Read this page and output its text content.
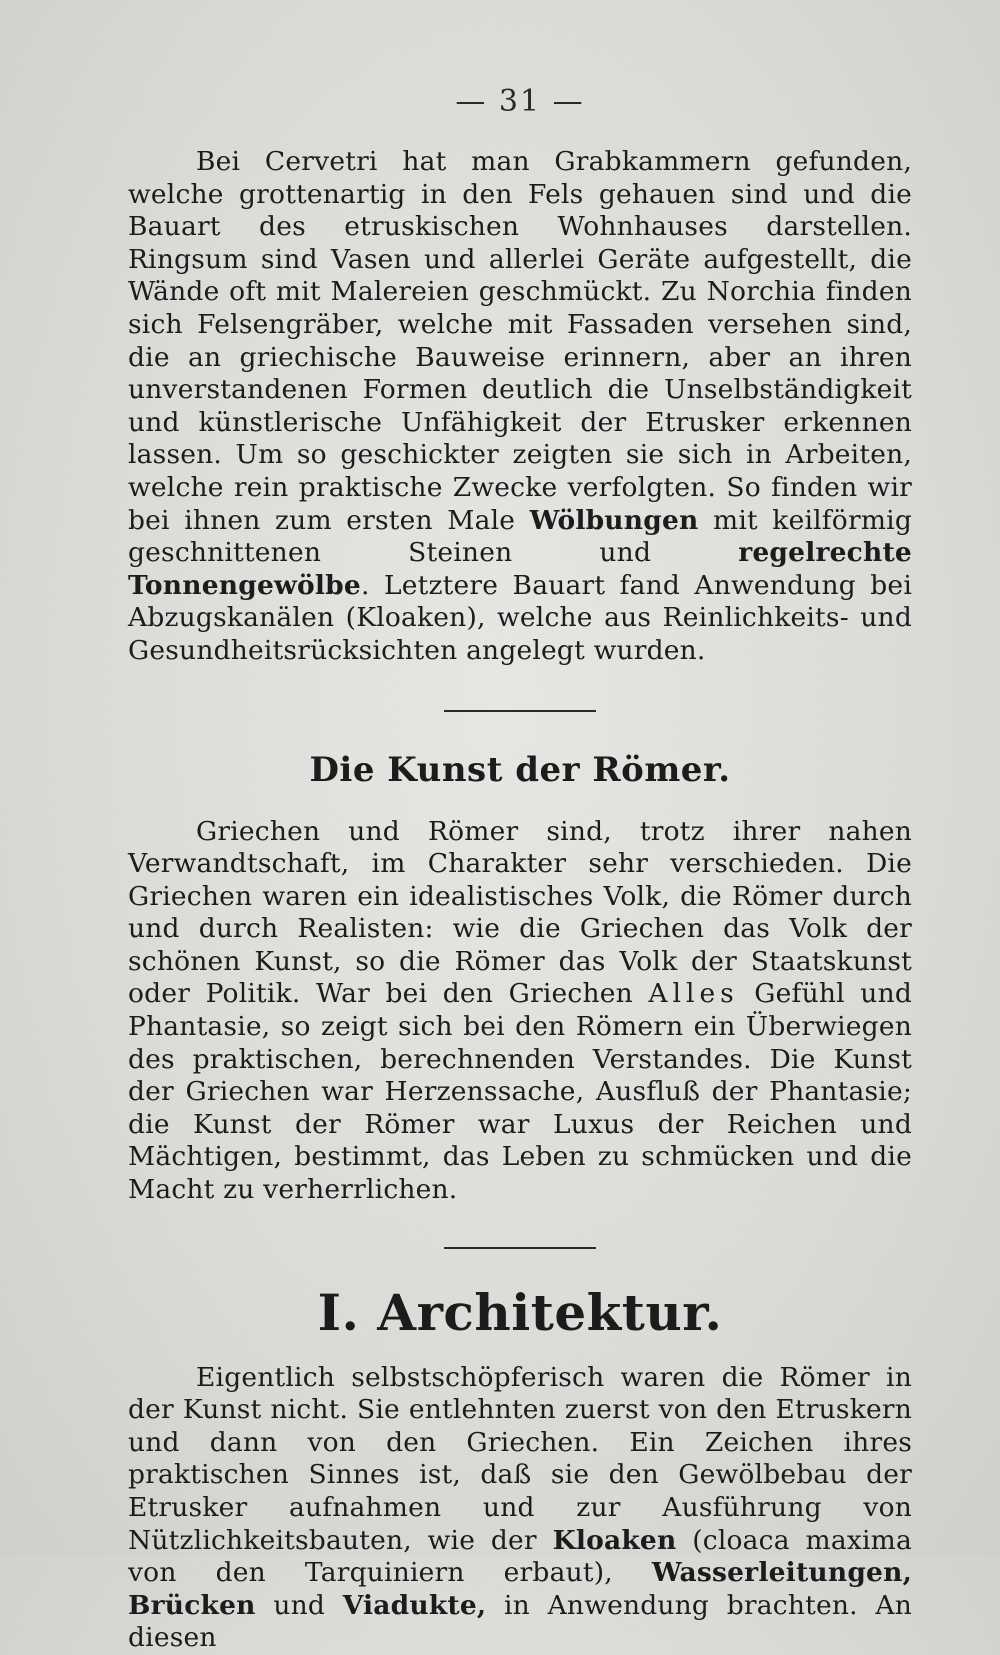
— 31 —

Bei Cervetri hat man Grabkammern gefunden, welche grottenartig in den Fels gehauen sind und die Bauart des etruskischen Wohnhauses darstellen. Ringsum sind Vasen und allerlei Geräte aufgestellt, die Wände oft mit Malereien geschmückt. Zu Norchia finden sich Felsengräber, welche mit Fassaden versehen sind, die an griechische Bauweise erinnern, aber an ihren unverstandenen Formen deutlich die Unselbständigkeit und künstlerische Unfähigkeit der Etrusker erkennen lassen. Um so geschickter zeigten sie sich in Arbeiten, welche rein praktische Zwecke verfolgten. So finden wir bei ihnen zum ersten Male Wölbungen mit keilförmig geschnittenen Steinen und regelrechte Tonnengewölbe. Letztere Bauart fand Anwendung bei Abzugskanälen (Kloaken), welche aus Reinlichkeits- und Gesundheitsrücksichten angelegt wurden.

Die Kunst der Römer.

Griechen und Römer sind, trotz ihrer nahen Verwandtschaft, im Charakter sehr verschieden. Die Griechen waren ein idealistisches Volk, die Römer durch und durch Realisten: wie die Griechen das Volk der schönen Kunst, so die Römer das Volk der Staatskunst oder Politik. War bei den Griechen Alles Gefühl und Phantasie, so zeigt sich bei den Römern ein Überwiegen des praktischen, berechnenden Verstandes. Die Kunst der Griechen war Herzenssache, Ausfluß der Phantasie; die Kunst der Römer war Luxus der Reichen und Mächtigen, bestimmt, das Leben zu schmücken und die Macht zu verherrlichen.

I. Architektur.

Eigentlich selbstschöpferisch waren die Römer in der Kunst nicht. Sie entlehnten zuerst von den Etruskern und dann von den Griechen. Ein Zeichen ihres praktischen Sinnes ist, daß sie den Gewölbebau der Etrusker aufnahmen und zur Ausführung von Nützlichkeitsbauten, wie der Kloaken (cloaca maxima von den Tarquiniern erbaut), Wasserleitungen, Brücken und Viadukte, in Anwendung brachten. An diesen
